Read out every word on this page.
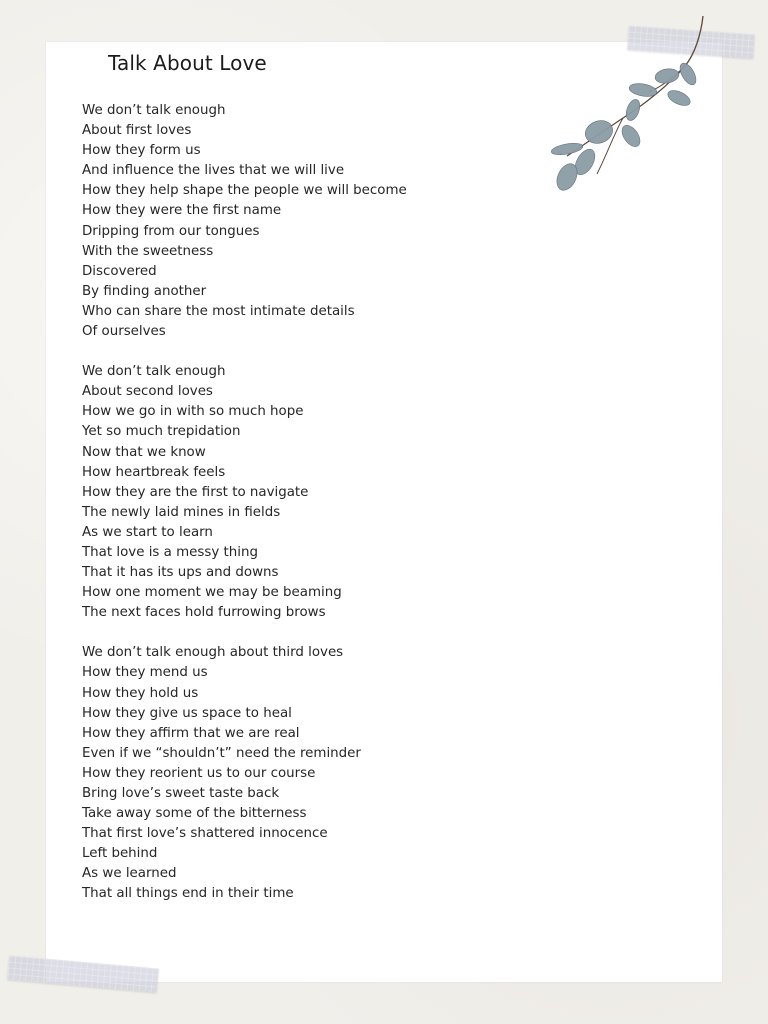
Talk About Love
We don’t talk enough
About first loves
How they form us
And influence the lives that we will live
How they help shape the people we will become
How they were the first name
Dripping from our tongues
With the sweetness
Discovered
By finding another
Who can share the most intimate details
Of ourselves
We don’t talk enough
About second loves
How we go in with so much hope
Yet so much trepidation
Now that we know
How heartbreak feels
How they are the first to navigate
The newly laid mines in fields
As we start to learn
That love is a messy thing
That it has its ups and downs
How one moment we may be beaming
The next faces hold furrowing brows
We don’t talk enough about third loves
How they mend us
How they hold us
How they give us space to heal
How they affirm that we are real
Even if we “shouldn’t” need the reminder
How they reorient us to our course
Bring love’s sweet taste back
Take away some of the bitterness
That first love’s shattered innocence
Left behind
As we learned
That all things end in their time
